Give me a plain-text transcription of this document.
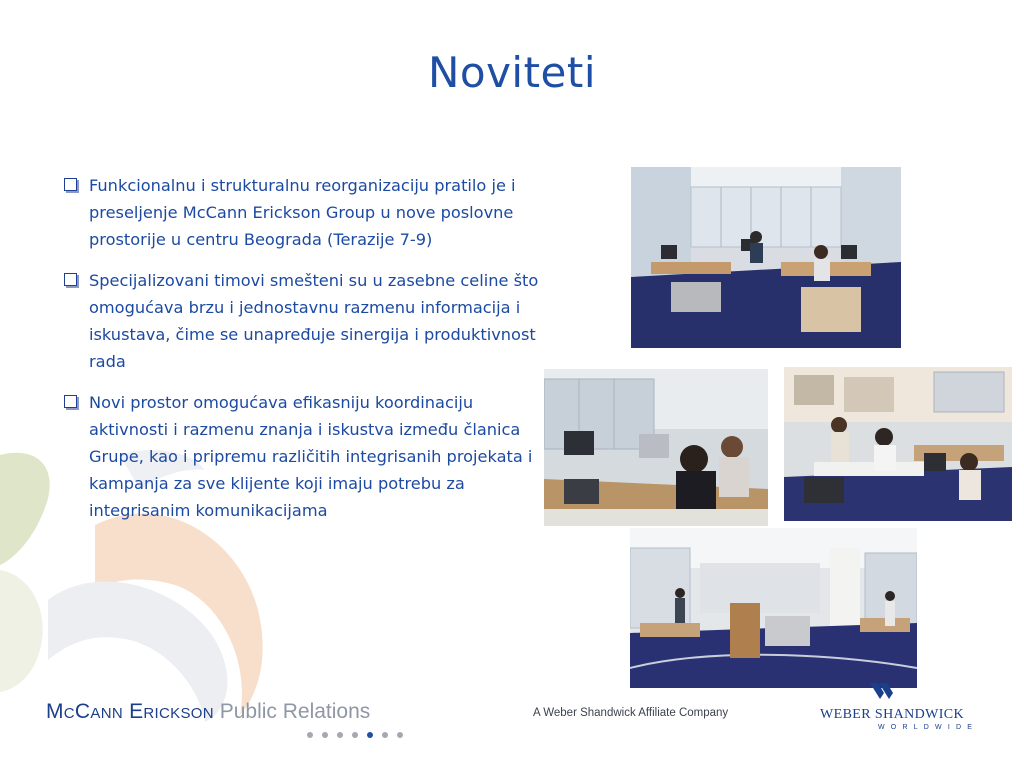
Noviteti
Funkcionalnu i strukturalnu reorganizaciju pratilo je i preseljenje McCann Erickson Group u nove poslovne prostorije u centru Beograda (Terazije 7-9)
Specijalizovani timovi smešteni su u zasebne celine što omogućava brzu i jednostavnu razmenu informacija i iskustava, čime se unapređuje sinergija i produktivnost rada
Novi prostor omogućava efikasniju koordinaciju aktivnosti i razmenu znanja i iskustva između članica Grupe, kao i pripremu različitih integrisanih projekata i kampanja za sve klijente koji imaju potrebu za integrisanim komunikacijama
McCann Erickson Public Relations	A Weber Shandwick Affiliate Company	WEBER SHANDWICK
WORLDWIDE
